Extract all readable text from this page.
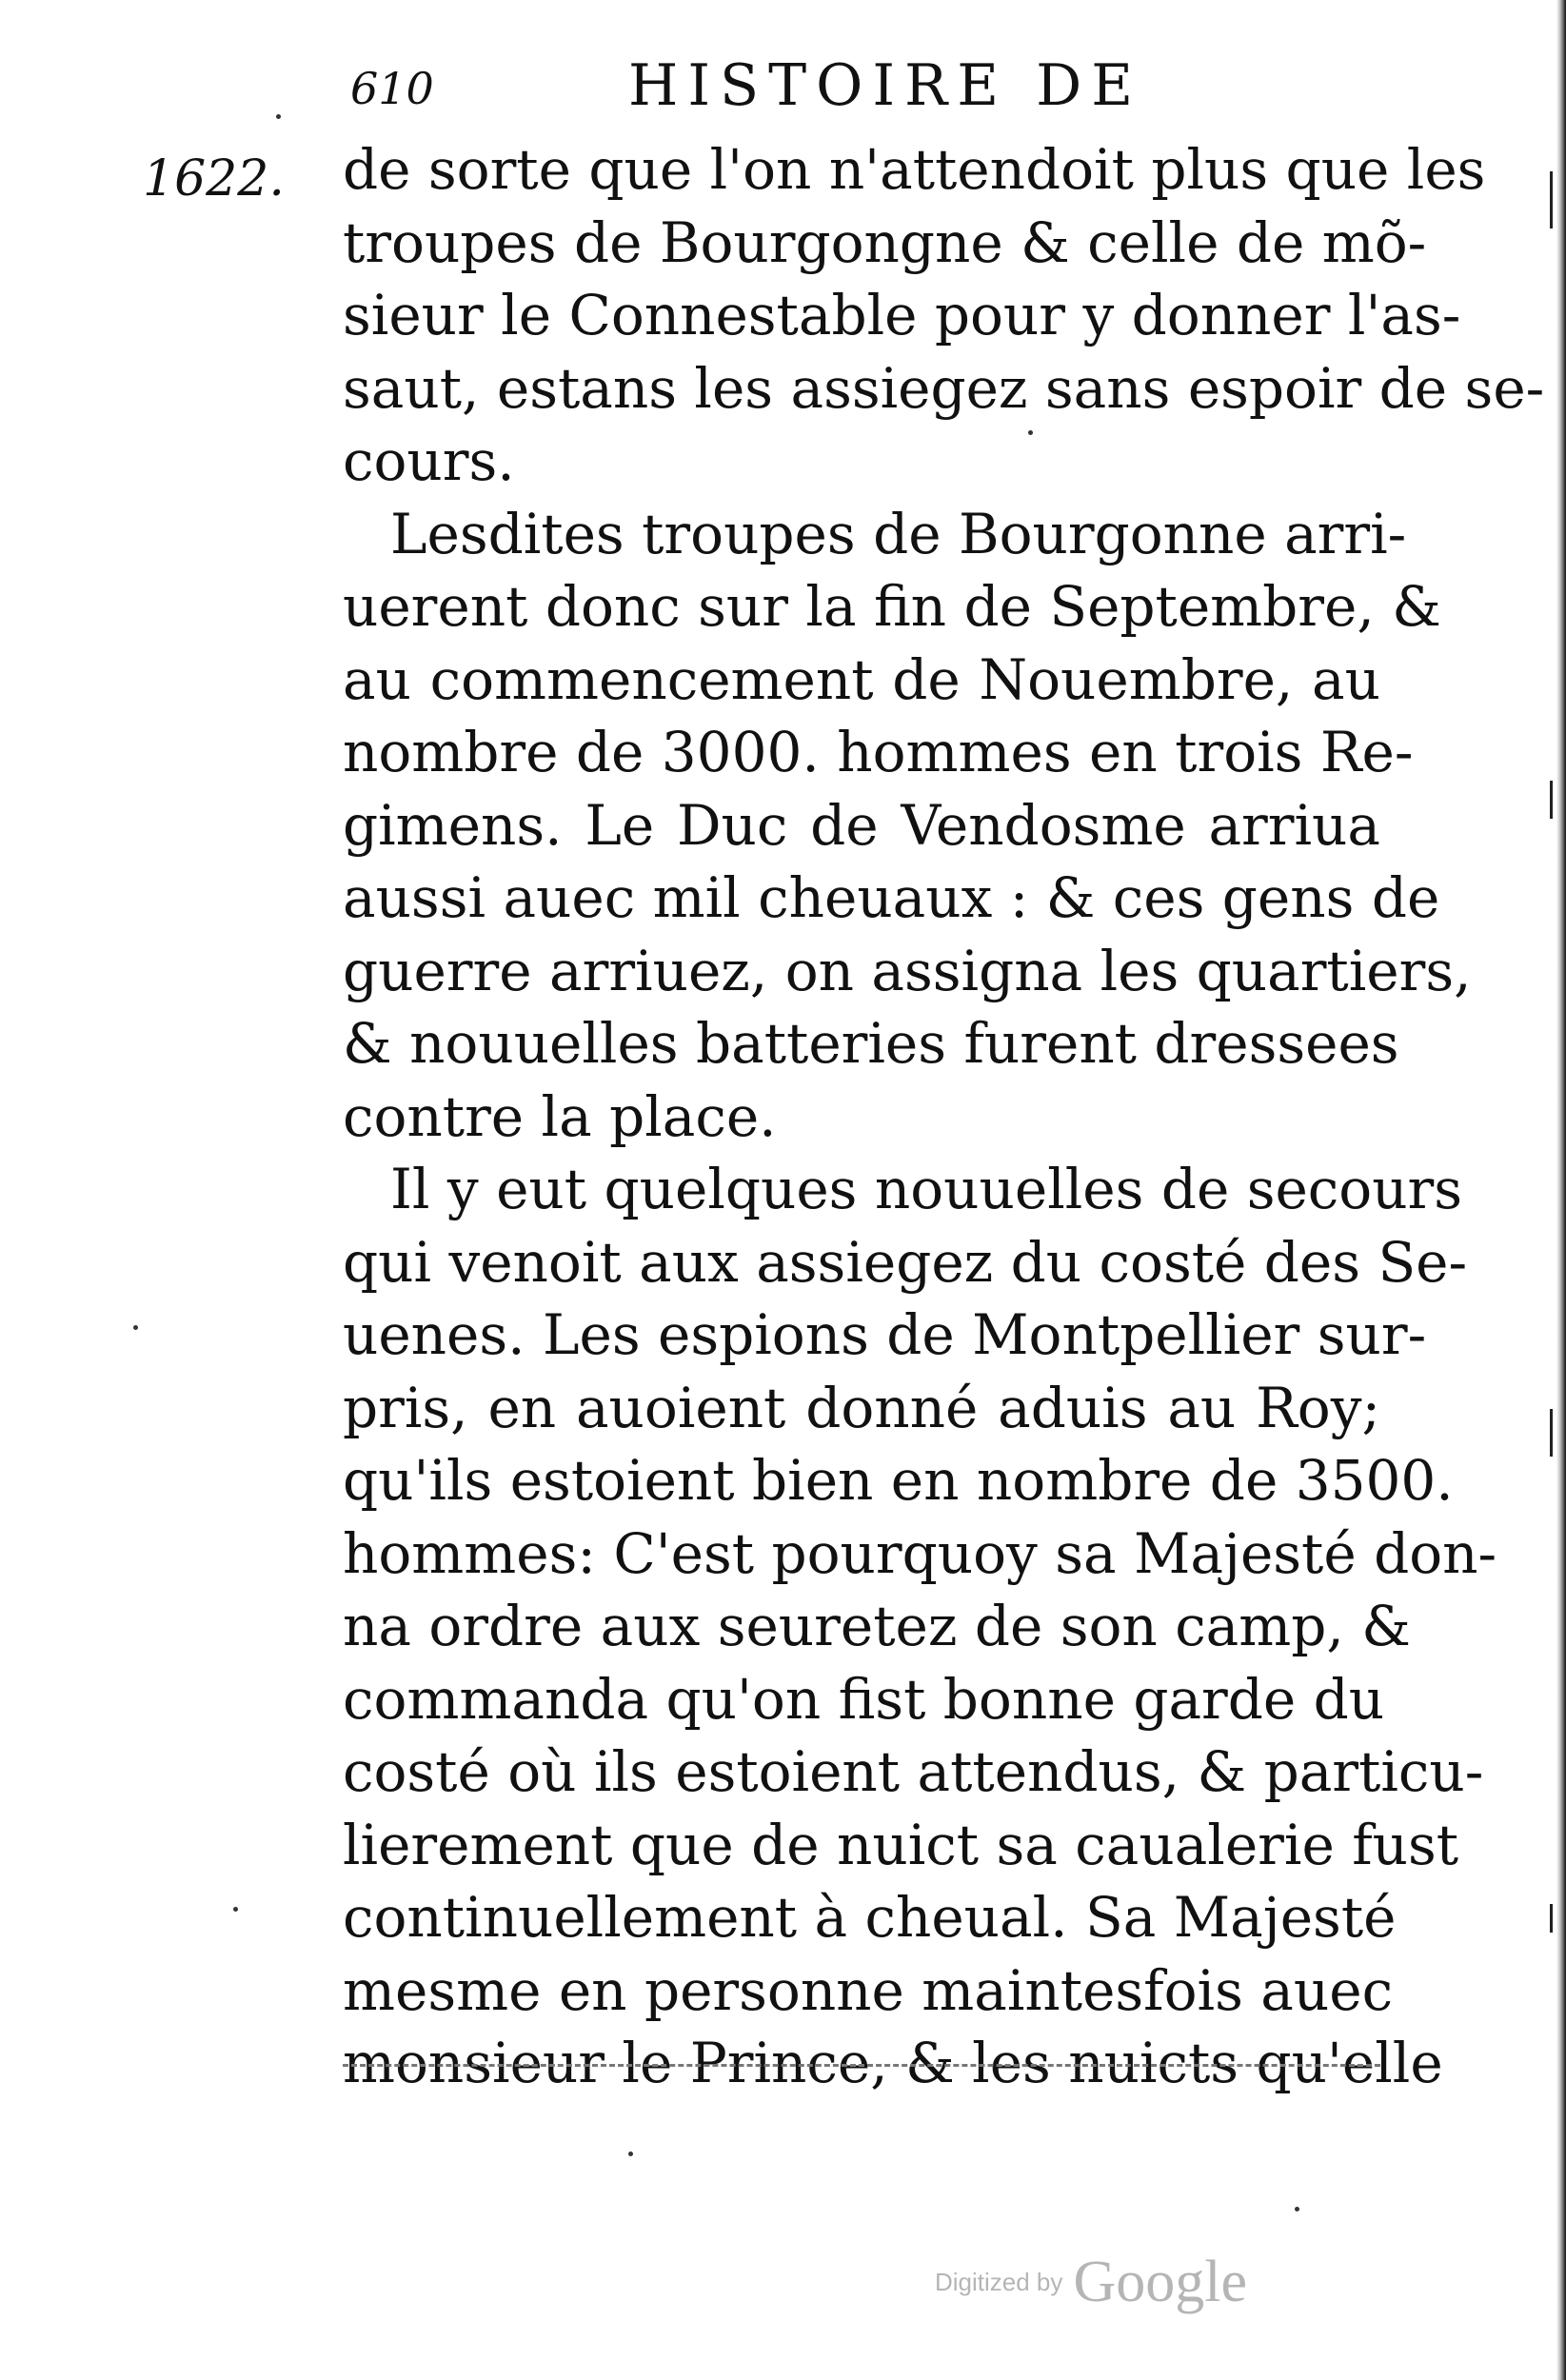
610	HISTOIRE DE
1622. de sorte que l'on n'attendoit plus que les
troupes de Bourgongne & celle de mõ-
sieur le Connestable pour y donner l'as-
saut, estans les assiegez sans espoir de se-
cours.
Lesdites troupes de Bourgonne arri-
uerent donc sur la fin de Septembre, &
au commencement de Nouembre, au
nombre de 3000. hommes en trois Re-
gimens. Le Duc de Vendosme arriua
aussi auec mil cheuaux : & ces gens de
guerre arriuez, on assigna les quartiers,
& nouuelles batteries furent dressees
contre la place.
Il y eut quelques nouuelles de secours
qui venoit aux assiegez du costé des Se-
uenes. Les espions de Montpellier sur-
pris, en auoient donné aduis au Roy;
qu'ils estoient bien en nombre de 3500.
hommes: C'est pourquoy sa Majesté don-
na ordre aux seuretez de son camp, &
commanda qu'on fist bonne garde du
costé où ils estoient attendus, & particu-
lierement que de nuict sa caualerie fust
continuellement à cheual. Sa Majesté
mesme en personne maintesfois auec
monsieur le Prince, & les nuicts qu'elle
Digitized by Google
